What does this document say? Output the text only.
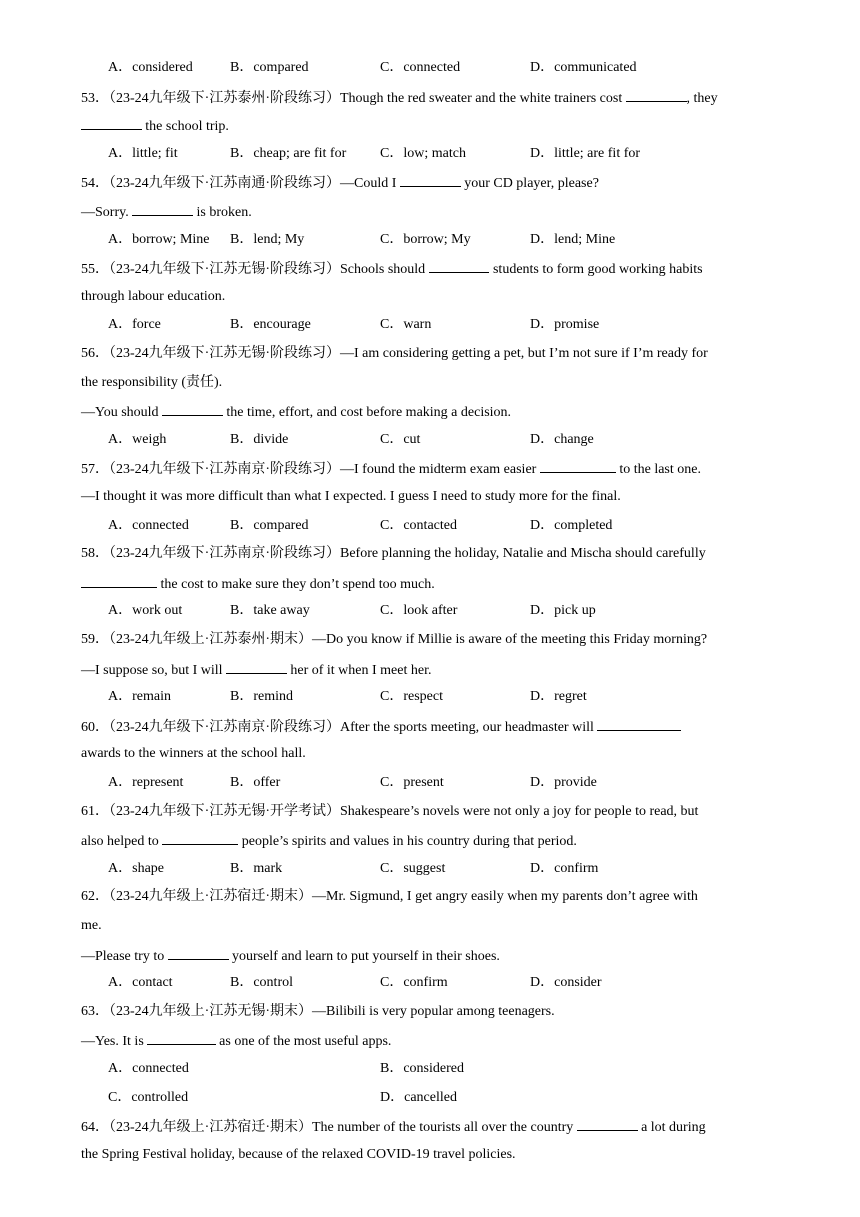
A．considered	B．compared	C．connected	D．communicated
53．（23-24九年级下·江苏泰州·阶段练习）Though the red sweater and the white trainers cost	, they
the school trip.
A．little; fit	B．cheap; are fit for C．low; match	D．little; are fit for
54．（23-24九年级下·江苏南通·阶段练习）—Could I	your CD player, please?
—Sorry.	is broken.
A．borrow; Mine B．lend; My	C．borrow; My	D．lend; Mine
55．（23-24九年级下·江苏无锡·阶段练习）Schools should	students to form good working habits
through labour education.
A．force	B．encourage	C．warn	D．promise
56．（23-24九年级下·江苏无锡·阶段练习）—I am considering getting a pet, but I’m not sure if I’m ready for
the responsibility (责任).
—You should	the time, effort, and cost before making a decision.
A．weigh	B．divide	C．cut	D．change
57．（23-24九年级下·江苏南京·阶段练习）—I found the midterm exam easier	to the last one.
—I thought it was more difficult than what I expected. I guess I need to study more for the final.
A．connected	B．compared	C．contacted	D．completed
58．（23-24九年级下·江苏南京·阶段练习）Before planning the holiday, Natalie and Mischa should carefully
the cost to make sure they don’t spend too much.
A．work out	B．take away	C．look after	D．pick up
59．（23-24九年级上·江苏泰州·期末）—Do you know if Millie is aware of the meeting this Friday morning?
—I suppose so, but I will	her of it when I meet her.
A．remain	B．remind	C．respect	D．regret
60．（23-24九年级下·江苏南京·阶段练习）After the sports meeting, our headmaster will
awards to the winners at the school hall.
A．represent	B．offer	C．present	D．provide
61．（23-24九年级下·江苏无锡·开学考试）Shakespeare’s novels were not only a joy for people to read, but
also helped to	people’s spirits and values in his country during that period.
A．shape	B．mark	C．suggest	D．confirm
62．（23-24九年级上·江苏宿迁·期末）—Mr. Sigmund, I get angry easily when my parents don’t agree with
me.
—Please try to	yourself and learn to put yourself in their shoes.
A．contact	B．control	C．confirm	D．consider
63．（23-24九年级上·江苏无锡·期末）—Bilibili is very popular among teenagers.
—Yes. It is	as one of the most useful apps.
A．connected	B．considered
C．controlled	D．cancelled
64．（23-24九年级上·江苏宿迁·期末）The number of the tourists all over the country	a lot during
the Spring Festival holiday, because of the relaxed COVID-19 travel policies.
